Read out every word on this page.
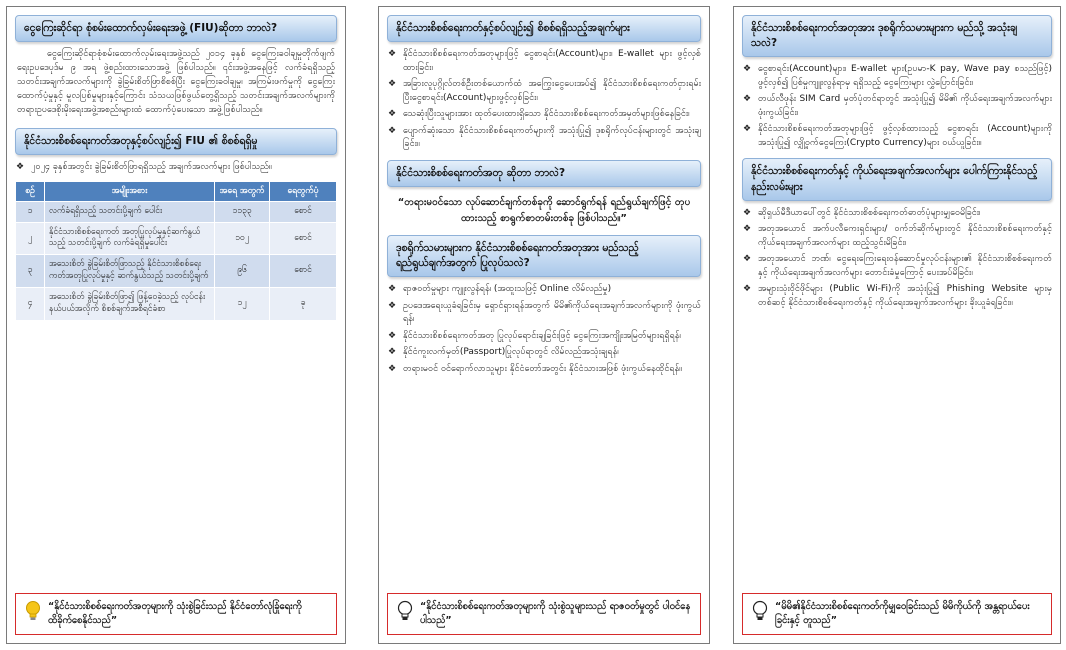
ငွေကြေးဆိုင်ရာ စုံစမ်းထောက်လှမ်းရေးအဖွဲ့ (FIU)ဆိုတာ ဘာလဲ?
ငွေကြေးဆိုင်ရာစုံစမ်းထောက်လှမ်းရေးအဖွဲ့သည် ၂၀၁၄ ခုနှစ် ငွေကြေးခဝါချမှုတိုက်ဖျက်ရေးဥပဒေပုဒ်မ ၉ အရ ဖွဲ့စည်းထားသောအဖွဲ့ ဖြစ်ပါသည်။ ၎င်းအဖွဲ့အနေဖြင့် လက်ခံရရှိသည့် သတင်းအချက်အလက်များကို ခွဲခြမ်းစိတ်ဖြာစိစစ်ပြီး ငွေကြေးခဝါချမှု၊ အကြမ်းဖက်မှုကို ငွေကြေးထောက်ပံ့မှုနှင့် မူလပြစ်မှုများနှင့်ကြောင်း သံသယဖြစ်ဖွယ်တွေ့ရှိသည့် သတင်းအချက်အလက်များကို တရားဥပဒေစိုးမိုးရေးအဖွဲ့အစည်းများထံ ထောက်ပံ့ပေးသော အဖွဲ့ဖြစ်ပါသည်။
နိုင်ငံသားစိစစ်ရေးကတ်အတုနှင့်စပ်လျဉ်း၍ FIU ၏ စိစစ်ရရှိမှု
❖ ၂၀၂၄ ခုနှစ်အတွင်း ခွဲခြမ်းစိတ်ဖြာရရှိသည့် အချက်အလက်များ ဖြစ်ပါသည်။
စဉ်	အမျိုးအစား	အရေ အတွက်	ရေတွက်ပုံ
၁	လက်ခံရရှိသည့် သတင်းပို့ချက် ပေါင်း	၁၁၃၃	စောင်
၂	နိုင်ငံသားစိစစ်ရေးကတ် အတုပြုလုပ်မှုနှင့်ဆက်နွယ်သည့် သတင်းပို့ချက် လက်ခံရရှိမှုပေါင်း	၁၀၂	စောင်
၃	အသေးစိတ် ခွဲခြမ်းစိတ်ဖြာသည့် နိုင်ငံသားစိစစ်ရေးကတ်အတုပြုလုပ်မှုနှင့် ဆက်နွယ်သည့် သတင်းပို့ချက်	၉၆	စောင်
၄	အသေးစိတ် ခွဲခြမ်းစိတ်ဖြာ၍ ဖြန့်ဝေခဲ့သည့် လုပ်ငန်းနယ်ပယ်အလိုက် စိစစ်ချက်အစီရင်ခံစာ	၁၂	ခု
“နိုင်ငံသားစိစစ်ရေးကတ်အတုများကို သုံးစွဲခြင်းသည် နိုင်ငံတော်လုံခြုံရေးကို ထိခိုက်စေနိုင်သည်”
နိုင်ငံသားစိစစ်ရေးကတ်နှင့်စပ်လျဉ်း၍ စိစစ်ရရှိသည့်အချက်များ
❖ နိုင်ငံသားစိစစ်ရေးကတ်အတုများဖြင့် ငွေစာရင်း(Account)များ၊ E-wallet များ ဖွင့်လှစ်ထားခြင်း၊
❖ အခြားလူပုဂ္ဂိုလ်တစ်ဦးတစ်ယောက်ထံ အကြွေးငွေပေးအပ်၍ နိုင်ငံသားစိစစ်ရေးကတ်ငှားရမ်းပြီးငွေစာရင်း(Account)များဖွင့်လှစ်ခြင်း၊
❖ သေဆုံးပြီးသူများအား ထုတ်ပေးထားရှိသော နိုင်ငံသားစိစစ်ရေးကတ်အမှတ်များဖြစ်နေခြင်း၊
❖ ပျောက်ဆုံးသော နိုင်ငံသားစိစစ်ရေးကတ်များကို အသုံးပြု၍ ဒုစရိုက်လုပ်ငန်းများတွင် အသုံးချခြင်း။
နိုင်ငံသားစိစစ်ရေးကတ်အတု ဆိုတာ ဘာလဲ?
“တရားမဝင်သော လုပ်ဆောင်ချက်တစ်ခုကို ဆောင်ရွက်ရန် ရည်ရွယ်ချက်ဖြင့် တုပထားသည့် စာရွက်စာတမ်းတစ်ခု ဖြစ်ပါသည်။”
ဒုစရိုက်သမားများက နိုင်ငံသားစိစစ်ရေးကတ်အတုအား မည်သည့် ရည်ရွယ်ချက်အတွက် ပြုလုပ်သလဲ?
❖ ရာဇဝတ်မှုများ ကျူးလွန်ရန်၊ (အထူးသဖြင့် Online လိမ်လည်မှု)
❖ ဥပဒေအရေးယူခံရခြင်းမှ ရှောင်ရှားရန်အတွက် မိမိ၏ကိုယ်ရေးအချက်အလက်များကို ဖုံးကွယ်ရန်၊
❖ နိုင်ငံသားစိစစ်ရေးကတ်အတု ပြုလုပ်ရောင်းချခြင်းဖြင့် ငွေကြေးအကျိုးအမြတ်များရရှိရန်၊
❖ နိုင်ငံကူးလက်မှတ်(Passport)ပြုလုပ်ရာတွင် လိမ်လည်အသုံးချရန်၊
❖ တရားမဝင် ဝင်ရောက်လာသူများ နိုင်ငံတော်အတွင်း နိုင်ငံသားအဖြစ် ဖုံးကွယ်နေထိုင်ရန်။
“နိုင်ငံသားစိစစ်ရေးကတ်အတုများကို သုံးစွဲသူများသည် ရာဇဝတ်မှုတွင် ပါဝင်နေပါသည်”
နိုင်ငံသားစိစစ်ရေးကတ်အတုအား ဒုစရိုက်သမားများက မည်သို့ အသုံးချသလဲ?
❖ ငွေစာရင်း(Account)များ၊ E-wallet များ(ဥပမာ-K pay, Wave pay စသည်ဖြင့်) ဖွင့်လှစ်၍ ပြစ်မှုကျူးလွန်ရာမှ ရရှိသည့် ငွေကြေးများ လွှဲပြောင်းခြင်း၊
❖ တယ်လီဖုန်း SIM Card မှတ်ပုံတင်ရာတွင် အသုံးပြု၍ မိမိ၏ ကိုယ်ရေးအချက်အလက်များ ဖုံးကွယ်ခြင်း၊
❖ နိုင်ငံသားစိစစ်ရေးကတ်အတုများဖြင့် ဖွင့်လှစ်ထားသည့် ငွေစာရင်း (Account)များကိုအသုံးပြု၍ လျှို့ဝှက်ငွေကြေး(Crypto Currency)များ ဝယ်ယူခြင်း။
နိုင်ငံသားစိစစ်ရေးကတ်နှင့် ကိုယ်ရေးအချက်အလက်များ ပေါက်ကြားနိုင်သည့် နည်းလမ်းများ
❖ ဆိုရှယ်မီဒီယာပေါ်တွင် နိုင်ငံသားစိစစ်ရေးကတ်ဓာတ်ပုံများမျှဝေမိခြင်း၊
❖ အတုအယောင် အက်ပလီကေးရှင်းများ/ ဝက်ဘ်ဆိုက်များတွင် နိုင်ငံသားစိစစ်ရေးကတ်နှင့် ကိုယ်ရေးအချက်အလက်များ ထည့်သွင်းမိခြင်း၊
❖ အတုအယောင် ဘဏ်၊ ငွေရေးကြေးရေးဝန်ဆောင်မှုလုပ်ငန်းများ၏ နိုင်ငံသားစိစစ်ရေးကတ်နှင့် ကိုယ်ရေးအချက်အလက်များ တောင်းခံမှုကြောင့် ပေးအပ်မိခြင်း၊
❖ အများသုံးဝိုင်ဖိုင်များ (Public Wi-Fi)ကို အသုံးပြု၍ Phishing Website များမှတစ်ဆင့် နိုင်ငံသားစိစစ်ရေးကတ်နှင့် ကိုယ်ရေးအချက်အလက်များ ခိုးယူခံရခြင်း။
“မိမိ၏နိုင်ငံသားစိစစ်ရေးကတ်ကိုမျှဝေခြင်းသည် မိမိကိုယ်ကို အန္တရာယ်ပေးခြင်းနှင့် တူသည်”
